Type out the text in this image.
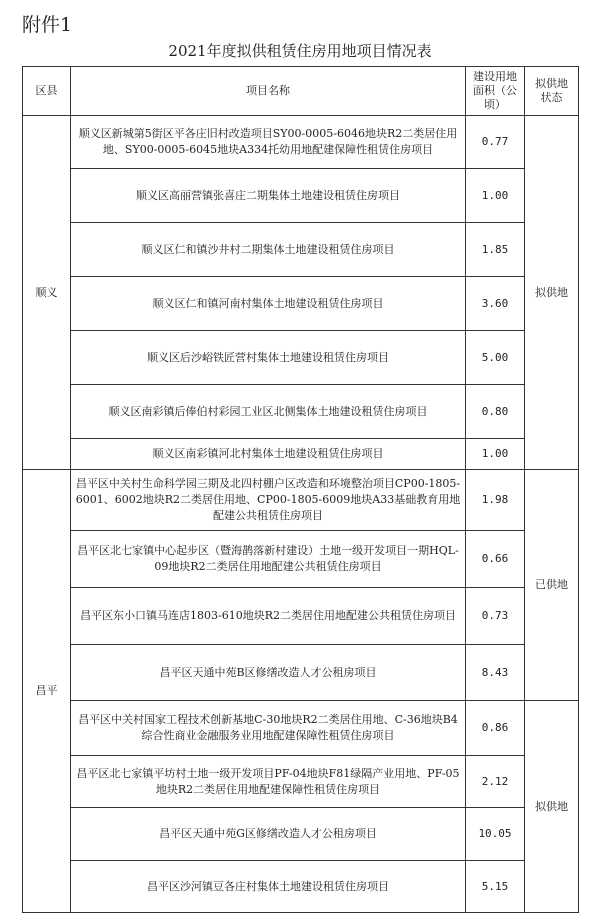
附件1
2021年度拟供租赁住房用地项目情况表
区县	项目名称	建设用地面积（公顷）	拟供地状态
顺义	顺义区新城第5街区平各庄旧村改造项目SY00-0005-6046地块R2二类居住用地、SY00-0005-6045地块A334托幼用地配建保障性租赁住房项目	0.77	拟供地
	顺义区高丽营镇张喜庄二期集体土地建设租赁住房项目	1.00	
	顺义区仁和镇沙井村二期集体土地建设租赁住房项目	1.85	
	顺义区仁和镇河南村集体土地建设租赁住房项目	3.60	
	顺义区后沙峪铁匠营村集体土地建设租赁住房项目	5.00	
	顺义区南彩镇后俸伯村彩园工业区北侧集体土地建设租赁住房项目	0.80	
	顺义区南彩镇河北村集体土地建设租赁住房项目	1.00	
昌平	昌平区中关村生命科学园三期及北四村棚户区改造和环境整治项目CP00-1805-6001、6002地块R2二类居住用地、CP00-1805-6009地块A33基础教育用地配建公共租赁住房项目	1.98	已供地
	昌平区北七家镇中心起步区（暨海鹊落新村建设）土地一级开发项目一期HQL-09地块R2二类居住用地配建公共租赁住房项目	0.66	
	昌平区东小口镇马连店1803-610地块R2二类居住用地配建公共租赁住房项目	0.73	
	昌平区天通中苑B区修缮改造人才公租房项目	8.43	
	昌平区中关村国家工程技术创新基地C-30地块R2二类居住用地、C-36地块B4综合性商业金融服务业用地配建保障性租赁住房项目	0.86	拟供地
	昌平区北七家镇平坊村土地一级开发项目PF-04地块F81绿隔产业用地、PF-05地块R2二类居住用地配建保障性租赁住房项目	2.12	
	昌平区天通中苑G区修缮改造人才公租房项目	10.05	
	昌平区沙河镇豆各庄村集体土地建设租赁住房项目	5.15	
